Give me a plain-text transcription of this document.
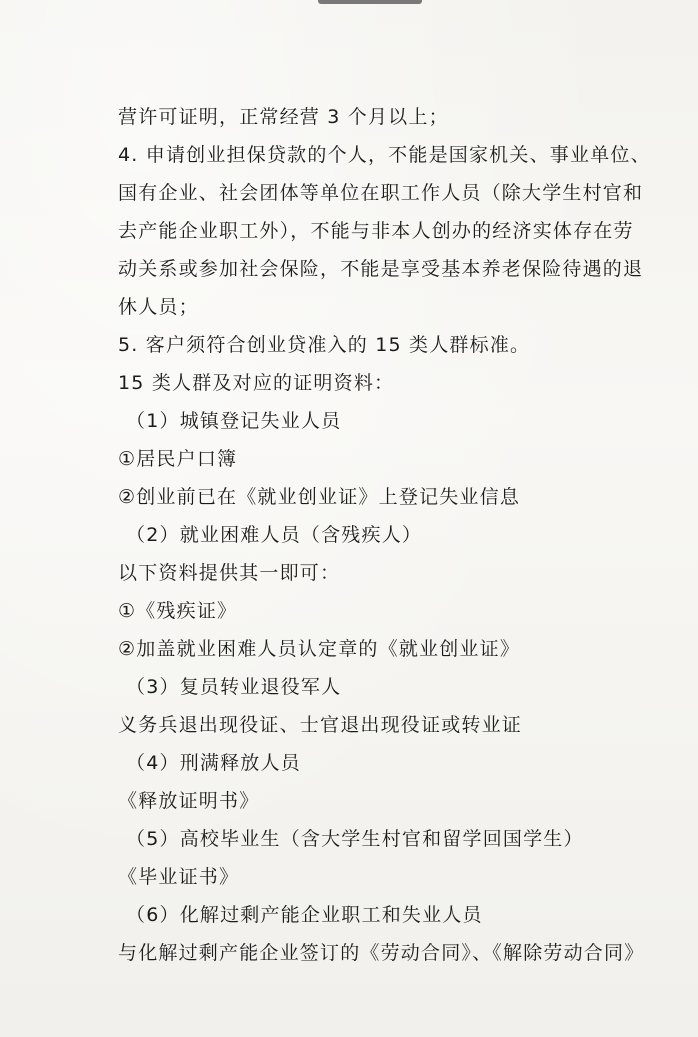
营许可证明，正常经营 3 个月以上；
4. 申请创业担保贷款的个人，不能是国家机关、事业单位、
国有企业、社会团体等单位在职工作人员（除大学生村官和
去产能企业职工外），不能与非本人创办的经济实体存在劳
动关系或参加社会保险，不能是享受基本养老保险待遇的退
休人员；
5. 客户须符合创业贷准入的 15 类人群标准。
15 类人群及对应的证明资料：
（1）城镇登记失业人员
①居民户口簿
②创业前已在《就业创业证》上登记失业信息
（2）就业困难人员（含残疾人）
以下资料提供其一即可：
①《残疾证》
②加盖就业困难人员认定章的《就业创业证》
（3）复员转业退役军人
义务兵退出现役证、士官退出现役证或转业证
（4）刑满释放人员
《释放证明书》
（5）高校毕业生（含大学生村官和留学回国学生）
《毕业证书》
（6）化解过剩产能企业职工和失业人员
与化解过剩产能企业签订的《劳动合同》、《解除劳动合同》
